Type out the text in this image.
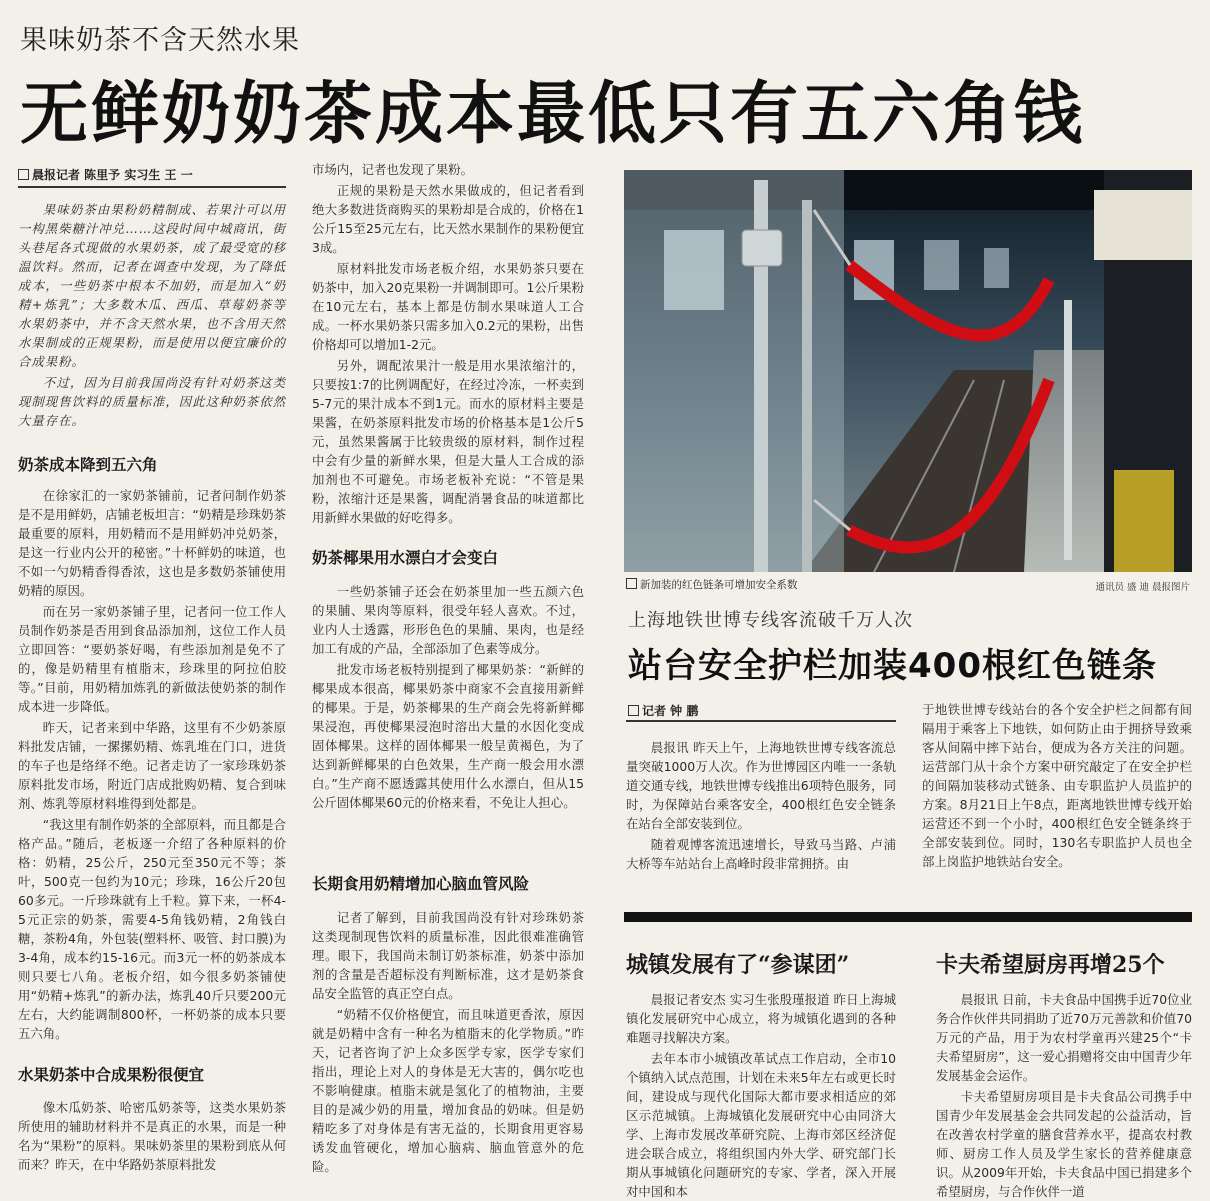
果味奶茶不含天然水果
无鲜奶奶茶成本最低只有五六角钱
晨报记者 陈里予 实习生 王 一

果味奶茶由果粉奶精制成、若果汁可以用一构黑柴糖汁冲兑……这段时间中城商讯，街头巷尾各式现做的水果奶茶，成了最受宽的移温饮料。然而，记者在调查中发现，为了降低成本，一些奶茶中根本不加奶，而是加入“奶精+炼乳”；大多数木瓜、西瓜、草莓奶茶等水果奶茶中，并不含天然水果，也不含用天然水果制成的正规果粉，而是使用以便宜廉价的合成果粉。

不过，因为目前我国尚没有针对奶茶这类现制现售饮料的质量标准，因此这种奶茶依然大量存在。

奶茶成本降到五六角

在徐家汇的一家奶茶铺前，记者问制作奶茶是不是用鲜奶，店铺老板坦言：“奶精是珍珠奶茶最重要的原料，用奶精而不是用鲜奶冲兑奶茶，是这一行业内公开的秘密。”十杯鲜奶的味道，也不如一勺奶精香得香浓，这也是多数奶茶铺使用奶精的原因。

而在另一家奶茶铺子里，记者问一位工作人员制作奶茶是否用到食品添加剂，这位工作人员立即回答：“要奶茶好喝，有些添加剂是免不了的，像是奶精里有植脂末，珍珠里的阿拉伯胶等。”目前，用奶精加炼乳的新做法使奶茶的制作成本进一步降低。

昨天，记者来到中华路，这里有不少奶茶原料批发店铺，一摞摞奶精、炼乳堆在门口，进货的车子也是络绎不绝。记者走访了一家珍珠奶茶原料批发市场，附近门店成批购奶精、复合到味剂、炼乳等原材料堆得到处都是。

“我这里有制作奶茶的全部原料，而且都是合格产品。”随后，老板逐一介绍了各种原料的价格：奶精，25公斤，250元至350元不等；茶叶，500克一包约为10元；珍珠，16公斤20包60多元。一斤珍珠就有上千粒。算下来，一杯4-5元正宗的奶茶，需要4-5角钱奶精，2角钱白糖，茶粉4角，外包装(塑料杯、吸管、封口膜)为3-4角，成本约15-16元。而3元一杯的奶茶成本则只要七八角。老板介绍，如今很多奶茶铺使用“奶精+炼乳”的新办法，炼乳40斤只要200元左右，大约能调制800杯，一杯奶茶的成本只要五六角。

水果奶茶中合成果粉很便宜

像木瓜奶茶、哈密瓜奶茶等，这类水果奶茶所使用的辅助材料并不是真正的水果，而是一种名为“果粉”的原料。果味奶茶里的果粉到底从何而来？昨天，在中华路奶茶原料批发

市场内，记者也发现了果粉。

正规的果粉是天然水果做成的，但记者看到绝大多数进货商购买的果粉却是合成的，价格在1公斤15至25元左右，比天然水果制作的果粉便宜3成。

原材料批发市场老板介绍，水果奶茶只要在奶茶中，加入20克果粉一并调制即可。1公斤果粉在10元左右，基本上都是仿制水果味道人工合成。一杯水果奶茶只需多加入0.2元的果粉，出售价格却可以增加1-2元。

另外，调配浓果汁一般是用水果浓缩汁的，只要按1:7的比例调配好，在经过冷冻，一杯卖到5-7元的果汁成本不到1元。而水的原材料主要是果酱，在奶茶原料批发市场的价格基本是1公斤5元，虽然果酱属于比较贵级的原材料，制作过程中会有少量的新鲜水果，但是大量人工合成的添加剂也不可避免。市场老板补充说：“不管是果粉，浓缩汁还是果酱，调配消暑食品的味道都比用新鲜水果做的好吃得多。

奶茶椰果用水漂白才会变白

一些奶茶铺子还会在奶茶里加一些五颜六色的果脯、果肉等原料，很受年轻人喜欢。不过，业内人士透露，形形色色的果脯、果肉，也是经加工有成的产品，全部添加了色素等成分。

批发市场老板特别提到了椰果奶茶：“新鲜的椰果成本很高，椰果奶茶中商家不会直接用新鲜的椰果。于是，奶茶椰果的生产商会先将新鲜椰果浸泡，再使椰果浸泡时溶出大量的水因化变成固体椰果。这样的固体椰果一般呈黄褐色，为了达到新鲜椰果的白色效果，生产商一般会用水漂白。”生产商不愿透露其使用什么水漂白，但从15公斤固体椰果60元的价格来看，不免让人担心。

长期食用奶精增加心脑血管风险

记者了解到，目前我国尚没有针对珍珠奶茶这类现制现售饮料的质量标准，因此很难准确管理。眼下，我国尚未制订奶茶标准，奶茶中添加剂的含量是否超标没有判断标准，这才是奶茶食品安全监管的真正空白点。

“奶精不仅价格便宜，而且味道更香浓，原因就是奶精中含有一种名为植脂末的化学物质。”昨天，记者咨询了沪上众多医学专家，医学专家们指出，理论上对人的身体是无大害的，偶尔吃也不影响健康。植脂末就是氢化了的植物油，主要目的是减少奶的用量，增加食品的奶味。但是奶精吃多了对身体是有害无益的，长期食用更容易诱发血管硬化，增加心脑病、脑血管意外的危险。

新加装的红色链条可增加安全系数	通讯员 盛 迪 晨报图片
上海地铁世博专线客流破千万人次
站台安全护栏加装400根红色链条
记者 钟 鹏

晨报讯 昨天上午，上海地铁世博专线客流总量突破1000万人次。作为世博园区内唯一一条轨道交通专线，地铁世博专线推出6项特色服务，同时，为保障站台乘客安全，400根红色安全链条在站台全部安装到位。

随着观博客流迅速增长，导致马当路、卢浦大桥等车站站台上高峰时段非常拥挤。由

于地铁世博专线站台的各个安全护栏之间都有间隔用于乘客上下地铁，如何防止由于拥挤导致乘客从间隔中摔下站台，便成为各方关注的问题。运营部门从十余个方案中研究敲定了在安全护栏的间隔加装移动式链条、由专职监护人员监护的方案。8月21日上午8点，距离地铁世博专线开始运营还不到一个小时，400根红色安全链条终于全部安装到位。同时，130名专职监护人员也全部上岗监护地铁站台安全。

城镇发展有了“参谋团”

晨报记者安杰 实习生张殷瑾报道 昨日上海城镇化发展研究中心成立，将为城镇化遇到的各种难题寻找解决方案。

去年本市小城镇改革试点工作启动，全市10个镇纳入试点范围，计划在未来5年左右或更长时间，建设成与现代化国际大都市要求相适应的郊区示范城镇。上海城镇化发展研究中心由同济大学、上海市发展改革研究院、上海市郊区经济促进会联合成立，将组织国内外大学、研究部门长期从事城镇化问题研究的专家、学者，深入开展对中国和本

卡夫希望厨房再增25个

晨报讯 日前，卡夫食品中国携手近70位业务合作伙伴共同捐助了近70万元善款和价值70万元的产品，用于为农村学童再兴建25个“卡夫希望厨房”，这一爱心捐赠将交由中国青少年发展基金会运作。

卡夫希望厨房项目是卡夫食品公司携手中国青少年发展基金会共同发起的公益活动，旨在改善农村学童的膳食营养水平，提高农村教师、厨房工作人员及学生家长的营养健康意识。从2009年开始，卡夫食品中国已捐建多个希望厨房，与合作伙伴一道
